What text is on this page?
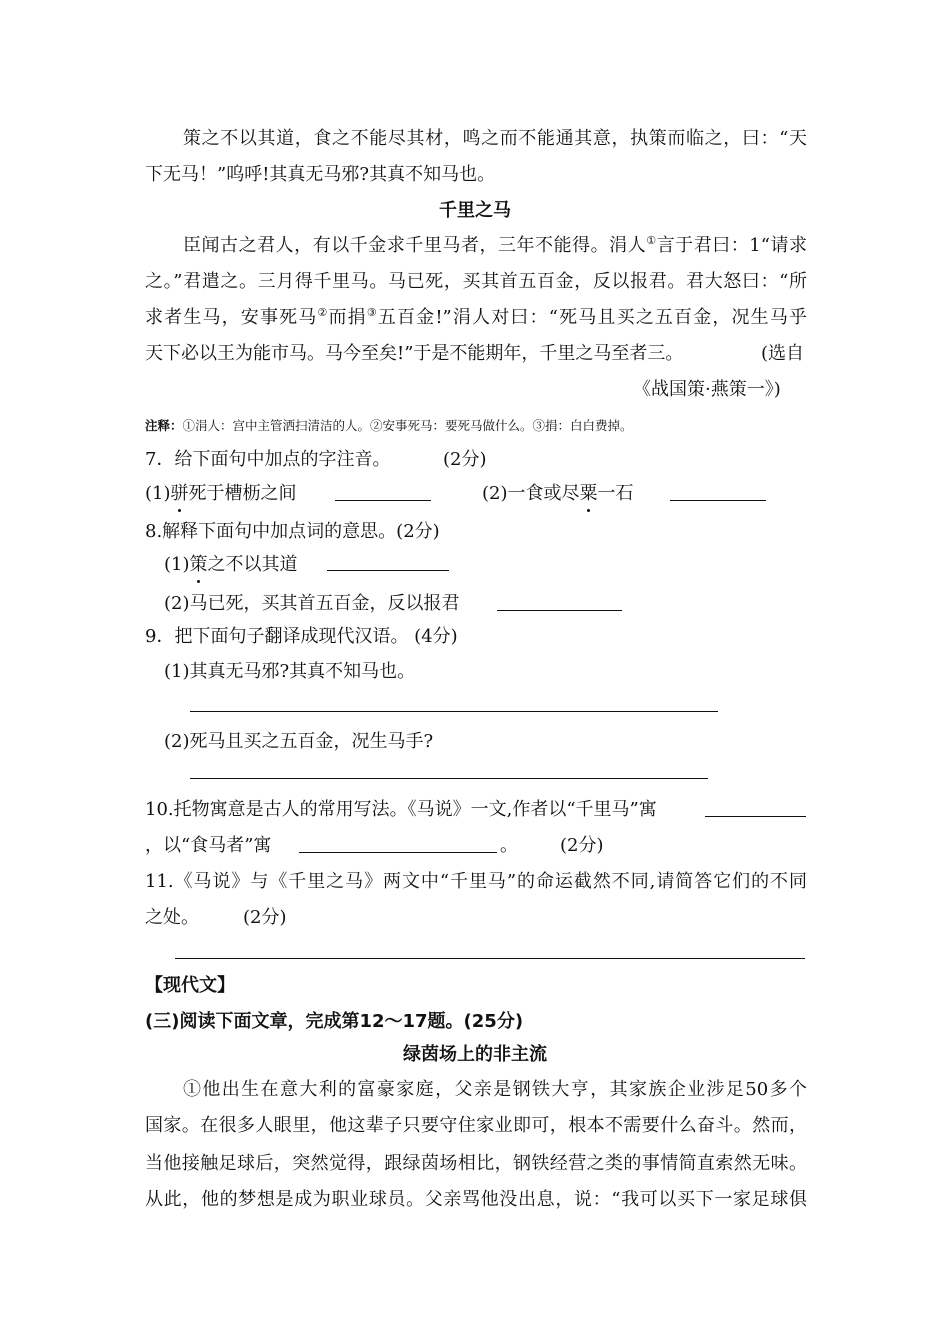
策之不以其道，食之不能尽其材，鸣之而不能通其意，执策而临之，曰：“天
下无马！”呜呼!其真无马邪?其真不知马也。
千里之马
臣闻古之君人，有以千金求千里马者，三年不能得。涓人①言于君曰：1“请求
之。”君遣之。三月得千里马。马已死，买其首五百金，反以报君。君大怒曰：“所
求者生马，安事死马②而捐③五百金!”涓人对曰：“死马且买之五百金，况生马乎
天下必以王为能市马。马今至矣!”于是不能期年，千里之马至者三。	(选自
《战国策·燕策一》)
注释：①涓人：宫中主管洒扫清洁的人。②安事死马：要死马做什么。③捐：白白费掉。
7．给下面句中加点的字注音。	(2分)
(1)骈死于槽枥之间	(2)一食或尽粟一石
8.解释下面句中加点词的意思。(2分)
(1)策之不以其道
(2)马已死，买其首五百金，反以报君
9．把下面句子翻译成现代汉语。 (4分)
(1)其真无马邪?其真不知马也。
(2)死马且买之五百金，况生马手?
10.托物寓意是古人的常用写法。《马说》一文,作者以“千里马”寓
，以“食马者”寓	。 (2分)
11.《马说》与《千里之马》两文中“千里马”的命运截然不同,请简答它们的不同
之处。 (2分)
【现代文】
(三)阅读下面文章，完成第12～17题。(25分)
绿茵场上的非主流
①他出生在意大利的富豪家庭，父亲是钢铁大亨，其家族企业涉足50多个
国家。在很多人眼里，他这辈子只要守住家业即可，根本不需要什么奋斗。然而，
当他接触足球后，突然觉得，跟绿茵场相比，钢铁经营之类的事情简直索然无味。
从此，他的梦想是成为职业球员。父亲骂他没出息，说：“我可以买下一家足球俱
